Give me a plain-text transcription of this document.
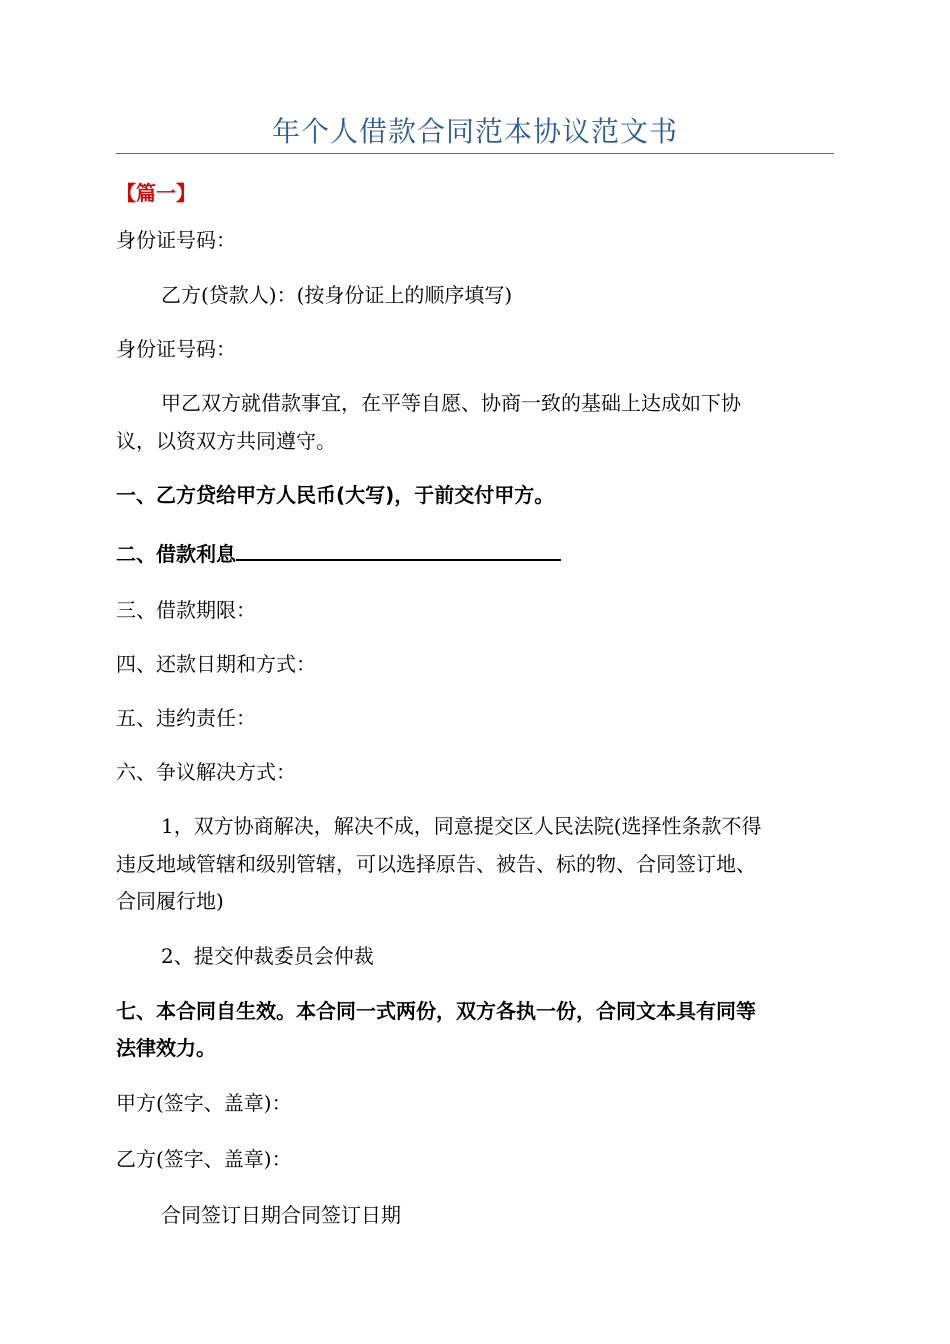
年个人借款合同范本协议范文书
【篇一】
身份证号码：
乙方(贷款人)：(按身份证上的顺序填写)
身份证号码：
甲乙双方就借款事宜，在平等自愿、协商一致的基础上达成如下协
议，以资双方共同遵守。
一、乙方贷给甲方人民币(大写)，于前交付甲方。
二、借款利息
三、借款期限：
四、还款日期和方式：
五、违约责任：
六、争议解决方式：
1，双方协商解决，解决不成，同意提交区人民法院(选择性条款不得
违反地域管辖和级别管辖，可以选择原告、被告、标的物、合同签订地、
合同履行地)
2、提交仲裁委员会仲裁
七、本合同自生效。本合同一式两份，双方各执一份，合同文本具有同等
法律效力。
甲方(签字、盖章)：
乙方(签字、盖章)：
合同签订日期合同签订日期
